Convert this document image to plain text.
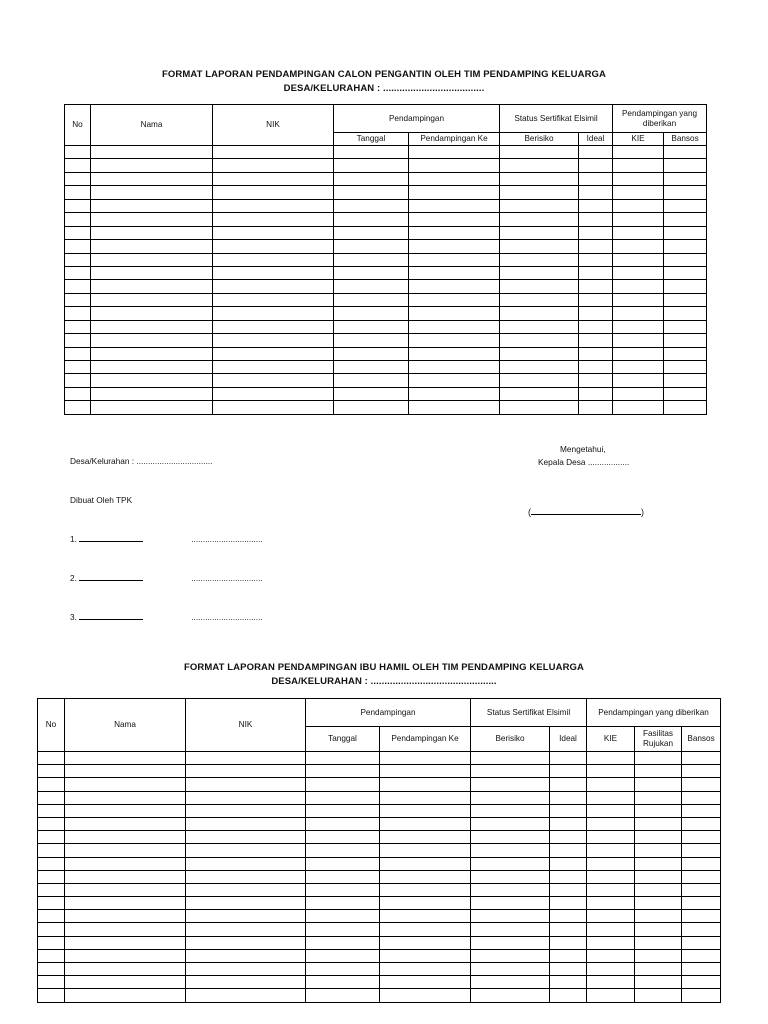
FORMAT LAPORAN PENDAMPINGAN CALON PENGANTIN OLEH TIM PENDAMPING KELUARGA
DESA/KELURAHAN : .....................................
No	Nama	NIK	Pendampingan		Status Sertifikat Elsimil		Pendampingan yang diberikan	
			Tanggal	Pendampingan Ke	Berisiko	Ideal	KIE	Bansos

Desa/Kelurahan : .................................

Dibuat Oleh TPK

1.	...............................

2.	...............................

3.	...............................

Mengetahui,
Kepala Desa ..................
(	)
FORMAT LAPORAN PENDAMPINGAN IBU HAMIL OLEH TIM PENDAMPING KELUARGA
DESA/KELURAHAN : ..............................................
No	Nama	NIK	Pendampingan		Status Sertifikat Elsimil		Pendampingan yang diberikan		
			Tanggal	Pendampingan Ke	Berisiko	Ideal	KIE	Fasilitas Rujukan	Bansos
